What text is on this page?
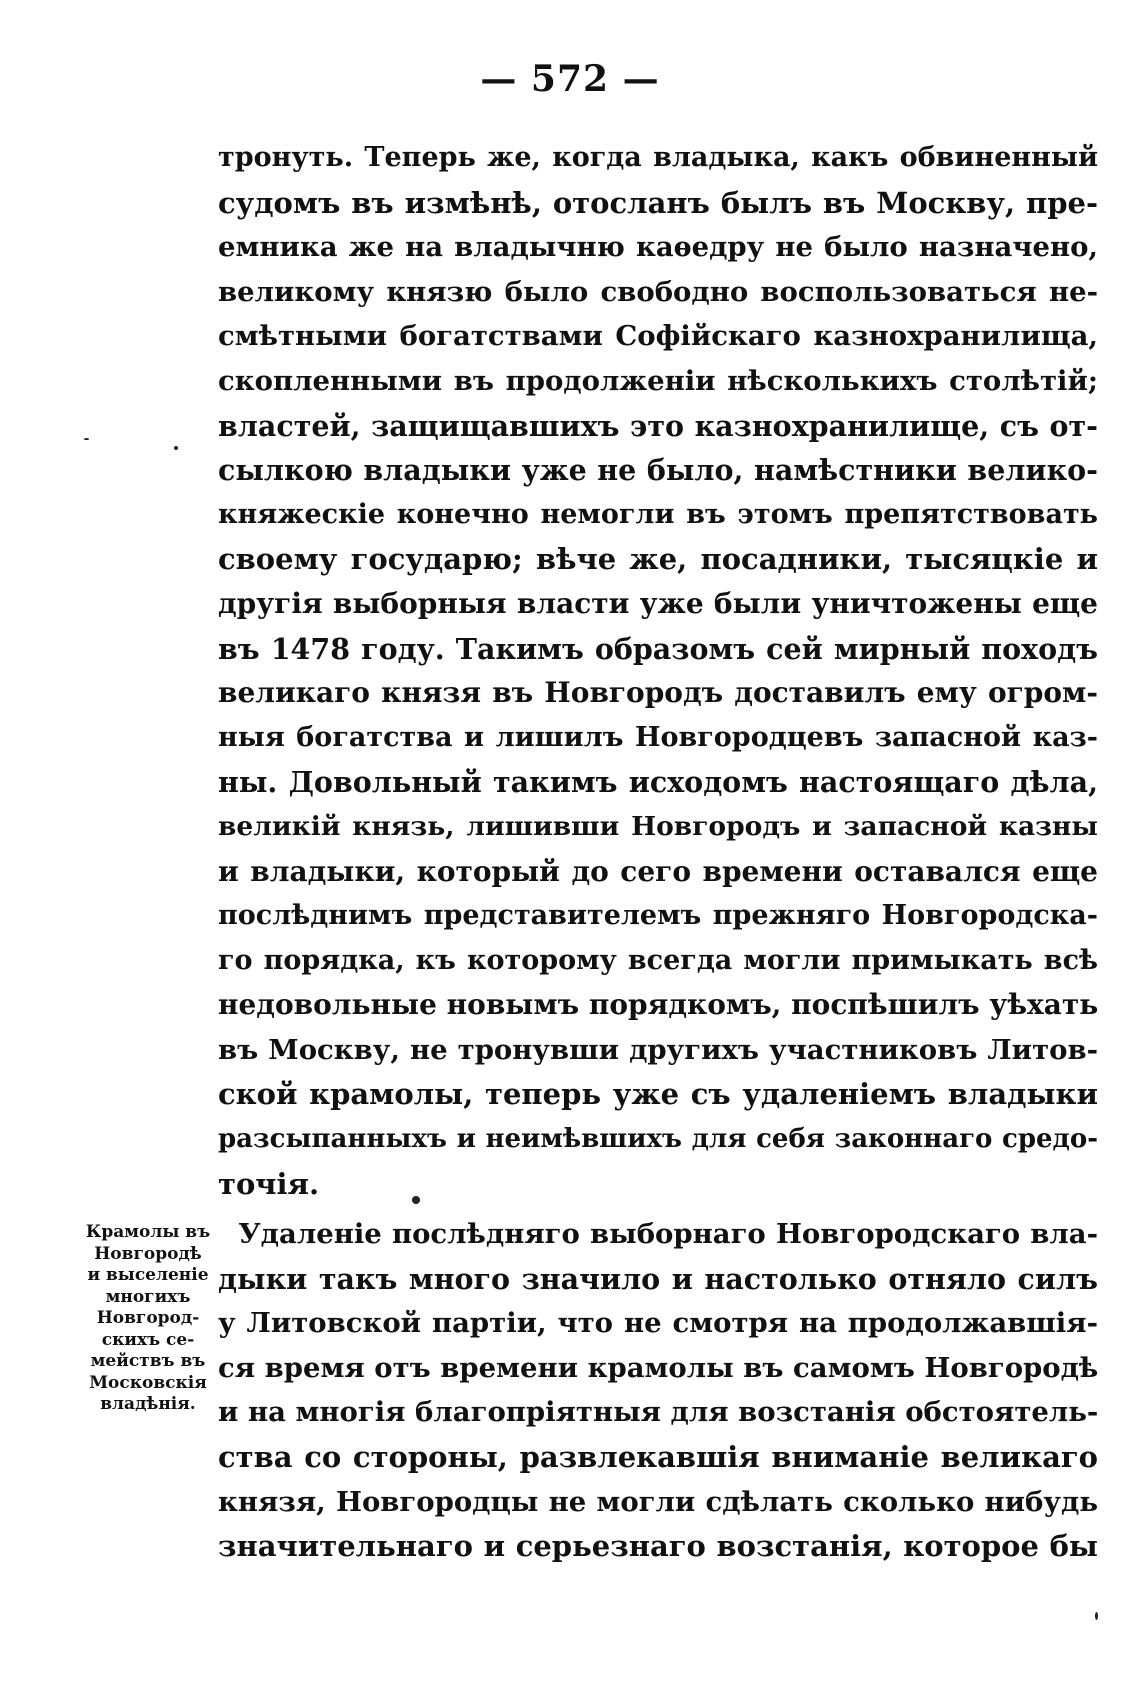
— 572 —
тронуть. Теперь же, когда владыка, какъ обвиненный
судомъ въ измѣнѣ, отосланъ былъ въ Москву, пре-
емника же на владычню каѳедру не было назначено,
великому князю было свободно воспользоваться не-
смѣтными богатствами Софійскаго казнохранилища,
скопленными въ продолженіи нѣсколькихъ столѣтій;
властей, защищавшихъ это казнохранилище, съ от-
сылкою владыки уже не было, намѣстники велико-
княжескіе конечно немогли въ этомъ препятствовать
своему государю; вѣче же, посадники, тысяцкіе и
другія выборныя власти уже были уничтожены еще
въ 1478 году. Такимъ образомъ сей мирный походъ
великаго князя въ Новгородъ доставилъ ему огром-
ныя богатства и лишилъ Новгородцевъ запасной каз-
ны. Довольный такимъ исходомъ настоящаго дѣла,
великій князь, лишивши Новгородъ и запасной казны
и владыки, который до сего времени оставался еще
послѣднимъ представителемъ прежняго Новгородска-
го порядка, къ которому всегда могли примыкать всѣ
недовольные новымъ порядкомъ, поспѣшилъ уѣхать
въ Москву, не тронувши другихъ участниковъ Литов-
ской крамолы, теперь уже съ удаленіемъ владыки
разсыпанныхъ и неимѣвшихъ для себя законнаго средо-
точія.
Крамолы въ
Новгородѣ
и выселеніе
многихъ
Новгород-
скихъ се-
мействъ въ
Московскія
владѣнія.
Удаленіе послѣдняго выборнаго Новгородскаго вла-
дыки такъ много значило и настолько отняло силъ
у Литовской партіи, что не смотря на продолжавшія-
ся время отъ времени крамолы въ самомъ Новгородѣ
и на многія благопріятныя для возстанія обстоятель-
ства со стороны, развлекавшія вниманіе великаго
князя, Новгородцы не могли сдѣлать сколько нибудь
значительнаго и серьезнаго возстанія, которое бы
